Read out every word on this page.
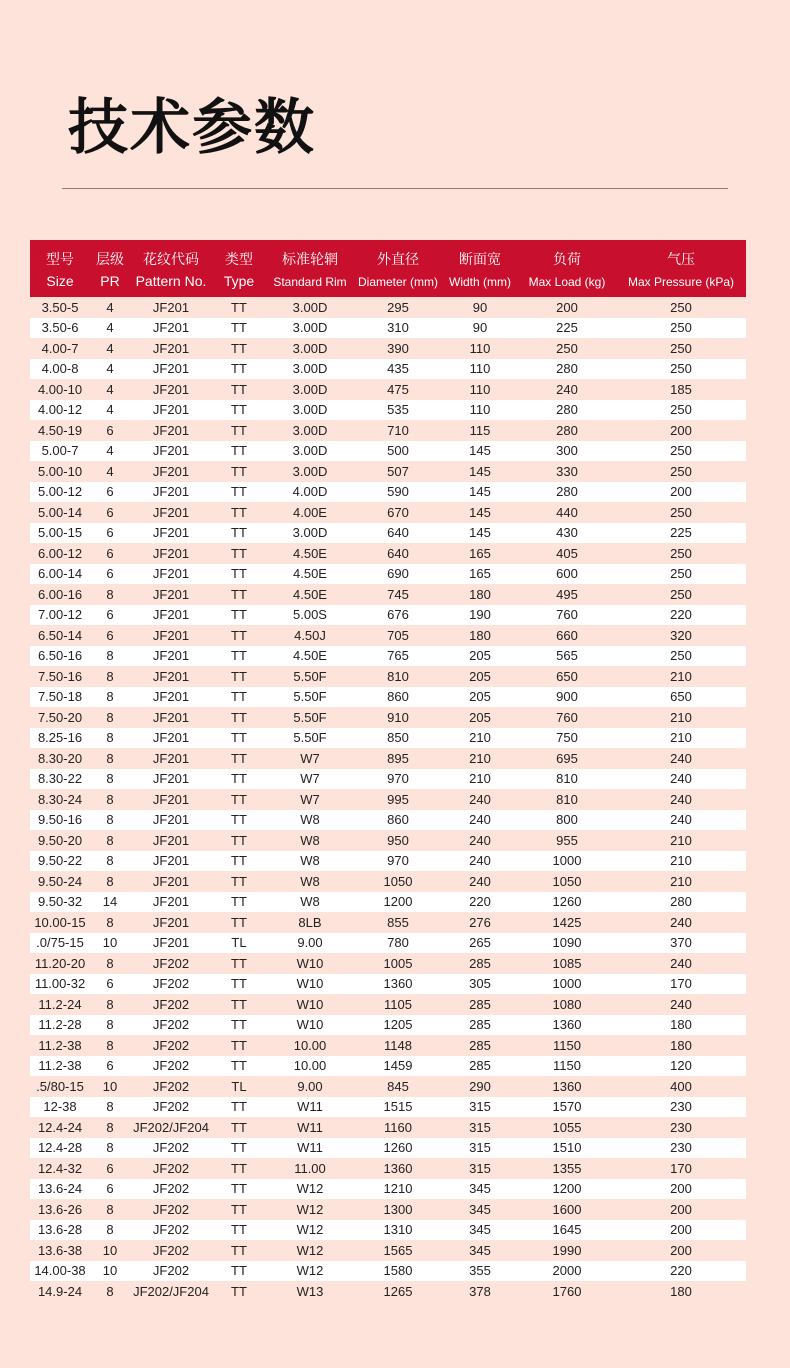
技术参数
型号	层级	花纹代码	类型	标准轮辋	外直径	断面宽	负荷	气压
Size	PR	Pattern No.	Type	Standard Rim	Diameter (mm)	Width (mm)	Max Load (kg)	Max Pressure (kPa)
3.50-5	4	JF201	TT	3.00D	295	90	200	250
3.50-6	4	JF201	TT	3.00D	310	90	225	250
4.00-7	4	JF201	TT	3.00D	390	110	250	250
4.00-8	4	JF201	TT	3.00D	435	110	280	250
4.00-10	4	JF201	TT	3.00D	475	110	240	185
4.00-12	4	JF201	TT	3.00D	535	110	280	250
4.50-19	6	JF201	TT	3.00D	710	115	280	200
5.00-7	4	JF201	TT	3.00D	500	145	300	250
5.00-10	4	JF201	TT	3.00D	507	145	330	250
5.00-12	6	JF201	TT	4.00D	590	145	280	200
5.00-14	6	JF201	TT	4.00E	670	145	440	250
5.00-15	6	JF201	TT	3.00D	640	145	430	225
6.00-12	6	JF201	TT	4.50E	640	165	405	250
6.00-14	6	JF201	TT	4.50E	690	165	600	250
6.00-16	8	JF201	TT	4.50E	745	180	495	250
7.00-12	6	JF201	TT	5.00S	676	190	760	220
6.50-14	6	JF201	TT	4.50J	705	180	660	320
6.50-16	8	JF201	TT	4.50E	765	205	565	250
7.50-16	8	JF201	TT	5.50F	810	205	650	210
7.50-18	8	JF201	TT	5.50F	860	205	900	650
7.50-20	8	JF201	TT	5.50F	910	205	760	210
8.25-16	8	JF201	TT	5.50F	850	210	750	210
8.30-20	8	JF201	TT	W7	895	210	695	240
8.30-22	8	JF201	TT	W7	970	210	810	240
8.30-24	8	JF201	TT	W7	995	240	810	240
9.50-16	8	JF201	TT	W8	860	240	800	240
9.50-20	8	JF201	TT	W8	950	240	955	210
9.50-22	8	JF201	TT	W8	970	240	1000	210
9.50-24	8	JF201	TT	W8	1050	240	1050	210
9.50-32	14	JF201	TT	W8	1200	220	1260	280
10.00-15	8	JF201	TT	8LB	855	276	1425	240
.0/75-15	10	JF201	TL	9.00	780	265	1090	370
11.20-20	8	JF202	TT	W10	1005	285	1085	240
11.00-32	6	JF202	TT	W10	1360	305	1000	170
11.2-24	8	JF202	TT	W10	1105	285	1080	240
11.2-28	8	JF202	TT	W10	1205	285	1360	180
11.2-38	8	JF202	TT	10.00	1148	285	1150	180
11.2-38	6	JF202	TT	10.00	1459	285	1150	120
.5/80-15	10	JF202	TL	9.00	845	290	1360	400
12-38	8	JF202	TT	W11	1515	315	1570	230
12.4-24	8	JF202/JF204	TT	W11	1160	315	1055	230
12.4-28	8	JF202	TT	W11	1260	315	1510	230
12.4-32	6	JF202	TT	11.00	1360	315	1355	170
13.6-24	6	JF202	TT	W12	1210	345	1200	200
13.6-26	8	JF202	TT	W12	1300	345	1600	200
13.6-28	8	JF202	TT	W12	1310	345	1645	200
13.6-38	10	JF202	TT	W12	1565	345	1990	200
14.00-38	10	JF202	TT	W12	1580	355	2000	220
14.9-24	8	JF202/JF204	TT	W13	1265	378	1760	180
